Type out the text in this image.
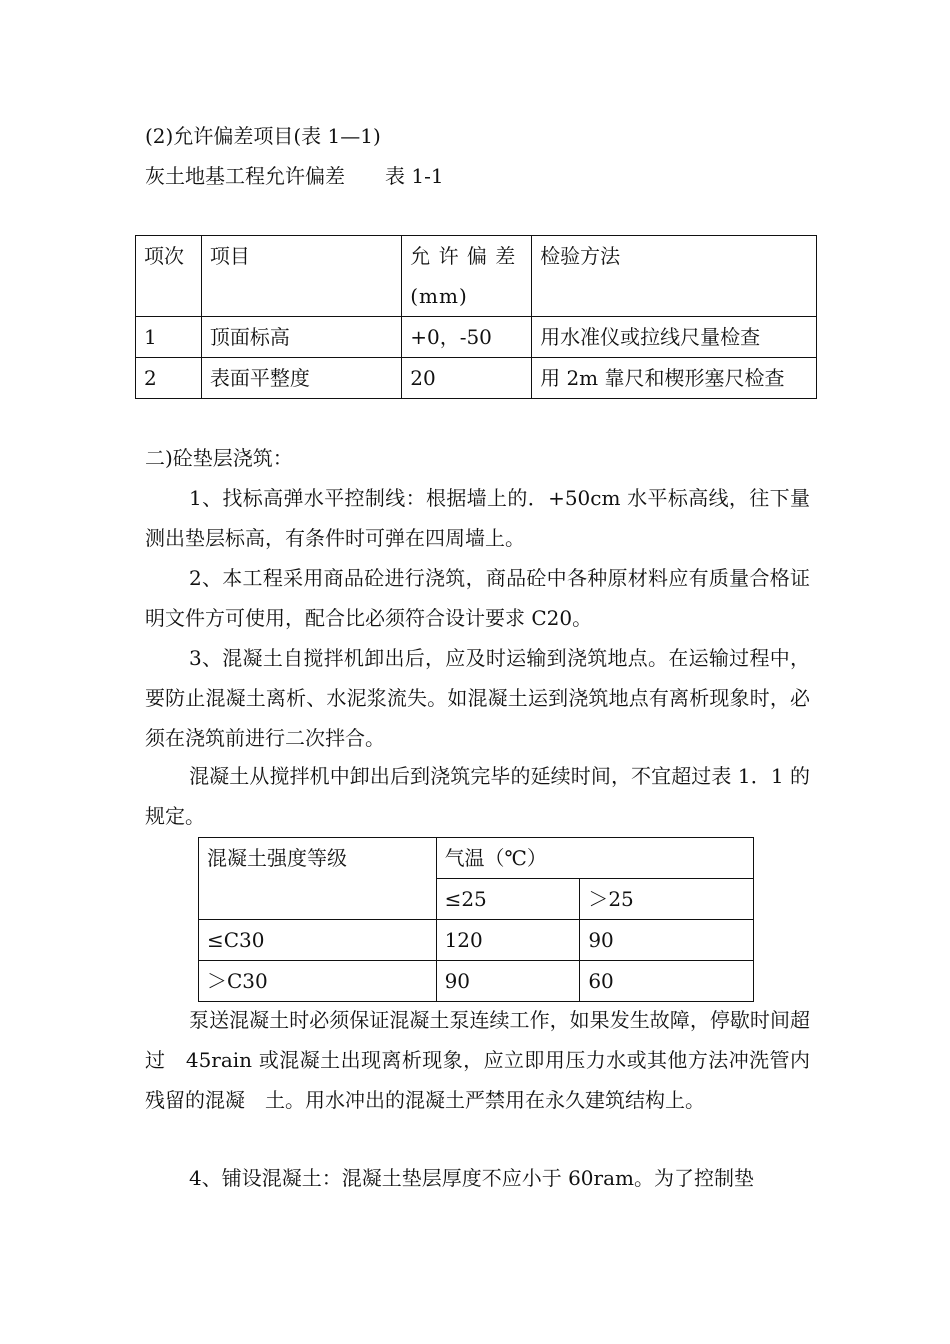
(2)允许偏差项目(表 1—1)
灰土地基工程允许偏差　　表 1-1
项次	项目	允 许 偏 差 (mm)	检验方法
1	顶面标高	+0，-50	用水准仪或拉线尺量检查
2	表面平整度	20	用 2m 靠尺和楔形塞尺检查
二)砼垫层浇筑：
1、找标高弹水平控制线：根据墙上的．+50cm 水平标高线，往下量测出垫层标高，有条件时可弹在四周墙上。
2、本工程采用商品砼进行浇筑，商品砼中各种原材料应有质量合格证明文件方可使用，配合比必须符合设计要求 C20。
3、混凝土自搅拌机卸出后，应及时运输到浇筑地点。在运输过程中，要防止混凝土离析、水泥浆流失。如混凝土运到浇筑地点有离析现象时，必须在浇筑前进行二次拌合。
混凝土从搅拌机中卸出后到浇筑完毕的延续时间，不宜超过表 1．1 的规定。
混凝土强度等级	气温（℃）	
	≤25	＞25
≤C30	120	90
＞C30	90	60
泵送混凝土时必须保证混凝土泵连续工作，如果发生故障，停歇时间超过　45rain 或混凝土出现离析现象，应立即用压力水或其他方法冲洗管内残留的混凝　土。用水冲出的混凝土严禁用在永久建筑结构上。
4、铺设混凝土：混凝土垫层厚度不应小于 60ram。为了控制垫
